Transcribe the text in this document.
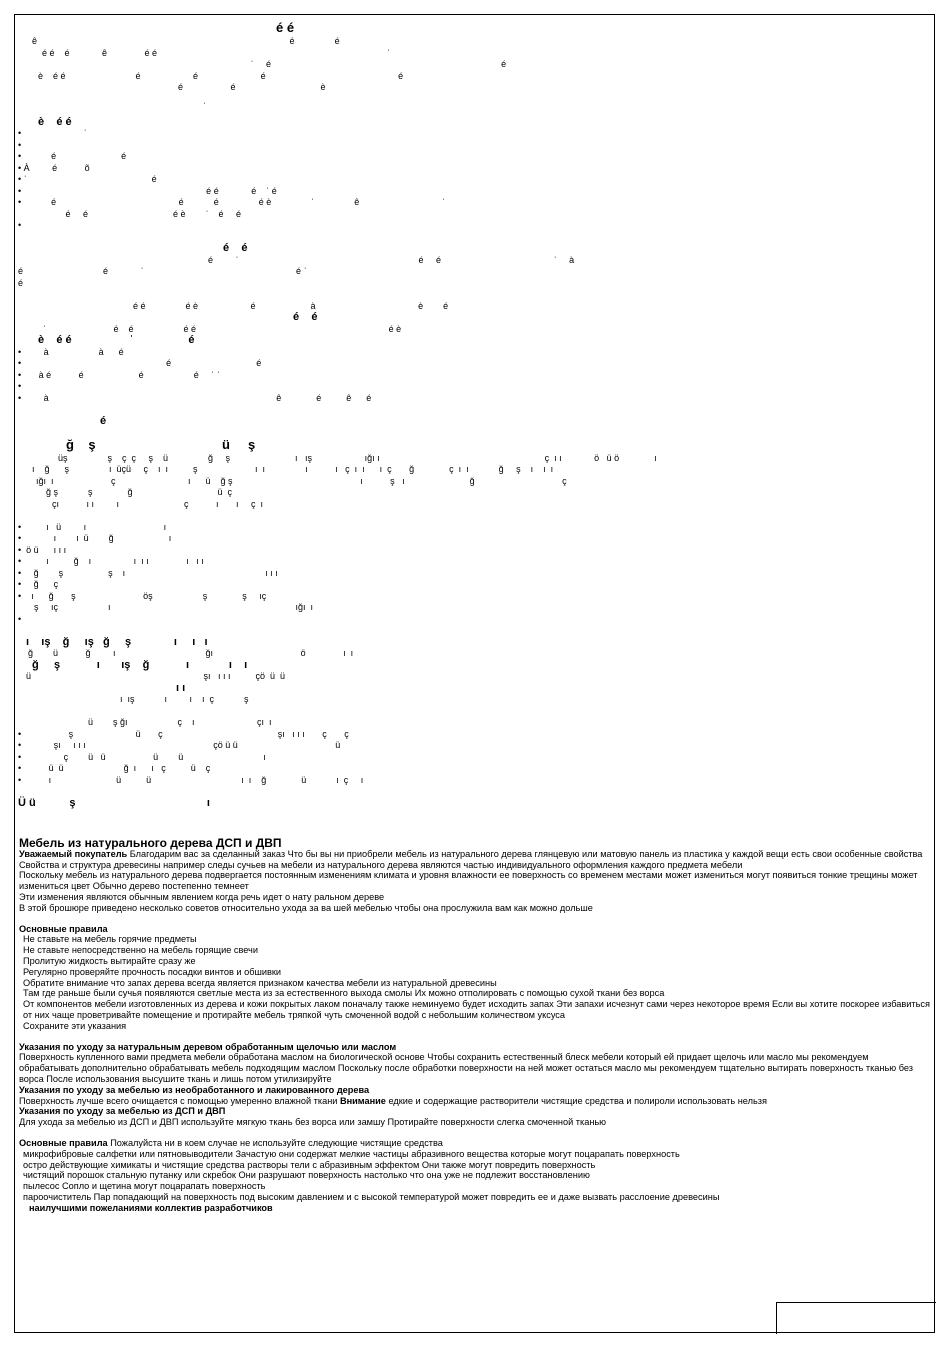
é é
ê                                                                                                     é                é
é é    é             ê               é é                                                                                            ˈ
ˈ     é                                                                                            é
è    é é                            é                     é                         é                                                     é
é                   é                                  è
ˌ
è    é é
•                         ˈ
•
•            é                          é
• À         é           õ
• ˈ                                                  é
•                                                                          é é             é    ˈ é
•            é                                                 é            é                é è                ˈ                ê                                 ˈ
é     é                                  é è        ˈ    é     é
•
é    é
é         ˈ                                                                        é     é                                             ˈ     à
é                                é             ˈ                                                             é ˈ
é
é é                é è                     é                      à                                         è        é
é    é
ˈ                           é    é                    é é                                                                             é è
è    é é                   ˈ                  é
•         à                    à      é
•                                                          é                                  é
•       à é           é                      é                    é     ˈ ˈ
•
•         à                                                                                           ê              é          ê      é
é
ğ    ş                                   ü     ş
üş                ş    ç  ç     ş    ü                ğ     ş                          ı   ış                     ığı ı                                                                  ç  ı ı             ö   ü ö              ı
ı    ğ      ş                ı  üçü     ç    ı  ı          ş                       ı  ı                ı           ı   ç  ı  ı      ı  ç       ğ              ç  ı  ı            ğ     ş    ı    ı  ı
ığı  ı                       ç                             ı      ü    ğ ş                                                   ı           ş   ı                          ğ                                   ç
ğ ş            ş              ğ                                  ü  ç
çı           ı ı         ı                          ç           ı       ı     ç  ı
•          ı   ü         ı                               ı
•             ı        ı  ü        ğ                      ı
•  ö ü      ı ı ı
•          ı          ğ    ı                 ı  ı ı               ı   ı ı
•     ğ        ş                  ş    ı                                                        ı ı ı
•     ğ      ç
•    ı      ğ       ş                           öş                    ş              ş     ıç
ş     ıç                    ı                                                                          ığı  ı
•
ı    ış    ğ     ış   ğ     ş              ı     ı   ı
ğ        ü           ğ         ı                                    ğı                                   ö               ı  ı
ğ     ş            ı       ış    ğ            ı             ı    ı
ü                                                                     şı   ı ı ı          çö  ü  ü
ı ı
ı  ış            ı         ı    ı  ç            ş
ü        ş ğı                    ç    ı                         çı  ı
•                   ş                         ü       ç                                              şı   ı ı ı       ç       ç
•             şı     ı ı ı                                                   çö ü ü                                       ü
•                 ç        ü   ü                   ü        ü                                ı
•           ü  ü                        ğ  ı      ı   ç          ü    ç
•           ı                          ü          ü                                    ı  ı    ğ              ü            ı  ç     ı
Ü ü           ş                                           ı

Мебель из натурального дерева ДСП и ДВП

Уважаемый покупатель Благодарим вас за сделанный заказ Что бы вы ни приобрели мебель из натурального дерева глянцевую или матовую панель из пластика у каждой вещи есть свои особенные свойства Свойства и структура древесины например следы сучьев на мебели из натурального дерева являются частью индивидуального оформления каждого предмета мебели

Поскольку мебель из натурального дерева подвергается постоянным изменениям климата и уровня влажности ее поверхность со временем местами может измениться могут появиться тонкие трещины может измениться цвет Обычно дерево постепенно темнеет

Эти изменения являются обычным явлением когда речь идет о нату ральном дереве

В этой брошюре приведено несколько советов относительно ухода за ва шей мебелью чтобы она прослужила вам как можно дольше

Основные правила

Не ставьте на мебель горячие предметы

Не ставьте непосредственно на мебель горящие свечи

Пролитую жидкость вытирайте сразу же

Регулярно проверяйте прочность посадки винтов и обшивки

Обратите внимание что запах дерева всегда является признаком качества мебели из натуральной древесины

Там где раньше были сучья появляются светлые места из за естественного выхода смолы Их можно отполировать с помощью сухой ткани без ворса

От компонентов мебели изготовленных из дерева и кожи покрытых лаком поначалу также неминуемо будет исходить запах Эти запахи исчезнут сами через некоторое время Если вы хотите поскорее избавиться от них чаще проветривайте помещение и протирайте мебель тряпкой чуть смоченной водой с небольшим количеством уксуса

Сохраните эти указания

Указания по уходу за натуральным деревом обработанным щелочью или маслом

Поверхность купленного вами предмета мебели обработана маслом на биологической основе Чтобы сохранить естественный блеск мебели который ей придает щелочь или масло мы рекомендуем обрабатывать дополнительно обрабатывать мебель подходящим маслом Поскольку после обработки поверхности на ней может остаться масло мы рекомендуем тщательно вытирать поверхность тканью без ворса После использования высушите ткань и лишь потом утилизируйте

Указания по уходу за мебелью из необработанного и лакированного дерева

Поверхность лучше всего очищается с помощью умеренно влажной ткани Внимание едкие и содержащие растворители чистящие средства и полироли использовать нельзя

Указания по уходу за мебелью из ДСП и ДВП

Для ухода за мебелью из ДСП и ДВП используйте мягкую ткань без ворса или замшу Протирайте поверхности слегка смоченной тканью

Основные правила Пожалуйста ни в коем случае не используйте следующие чистящие средства

микрофибровые салфетки или пятновыводители Зачастую они содержат мелкие частицы абразивного вещества которые могут поцарапать поверхность

остро действующие химикаты и чистящие средства растворы тели с абразивным эффектом Они также могут повредить поверхность

чистящий порошок стальную путанку или скребок Они разрушают поверхность настолько что она уже не подлежит восстановлению

пылесос Сопло и щетина могут поцарапать поверхность

пароочиститель Пар попадающий на поверхность под высоким давлением и с высокой температурой может повредить ее и даже вызвать расслоение древесины

наилучшими пожеланиями коллектив разработчиков
